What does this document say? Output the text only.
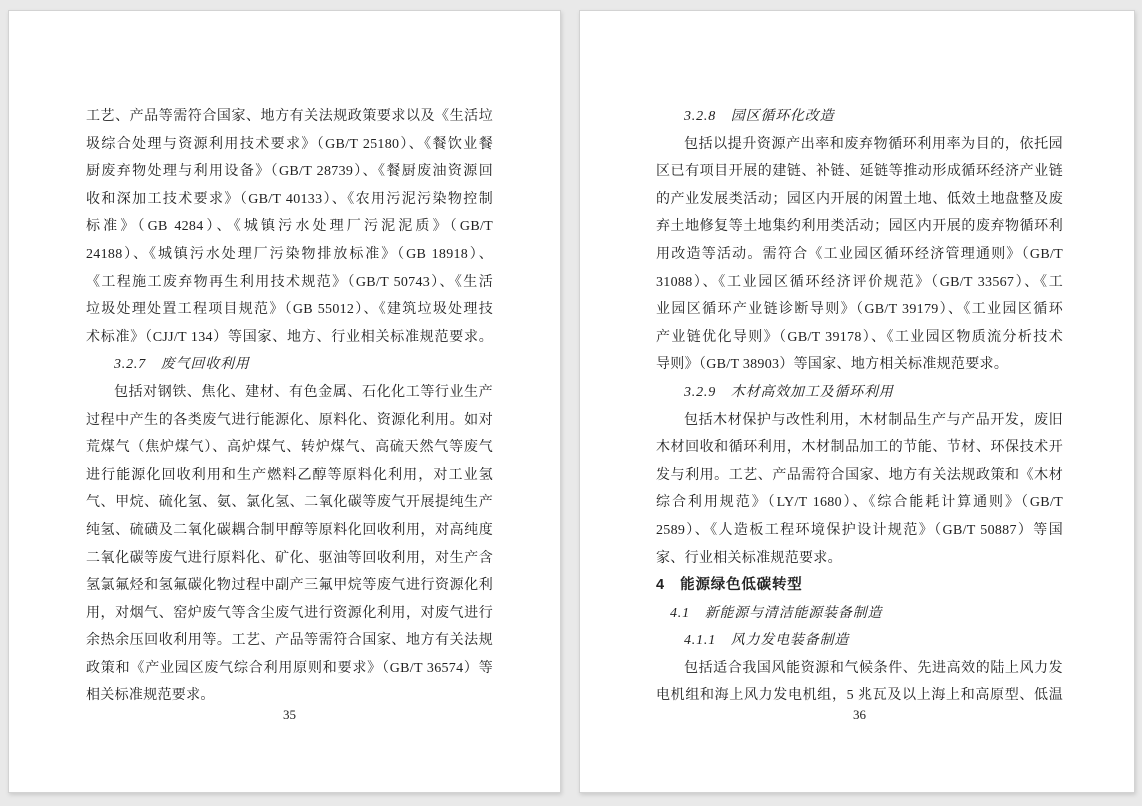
工艺、产品等需符合国家、地方有关法规政策要求以及《生活垃
圾综合处理与资源利用技术要求》（GB/T 25180）、《餐饮业餐
厨废弃物处理与利用设备》（GB/T 28739）、《餐厨废油资源回
收和深加工技术要求》（GB/T 40133）、《农用污泥污染物控制
标准》（GB 4284）、《城镇污水处理厂污泥泥质》（GB/T
24188）、《城镇污水处理厂污染物排放标准》（GB 18918）、
《工程施工废弃物再生利用技术规范》（GB/T 50743）、《生活
垃圾处理处置工程项目规范》（GB 55012）、《建筑垃圾处理技
术标准》（CJJ/T 134）等国家、地方、行业相关标准规范要求。
3.2.7　废气回收利用
包括对钢铁、焦化、建材、有色金属、石化化工等行业生产
过程中产生的各类废气进行能源化、原料化、资源化利用。如对
荒煤气（焦炉煤气）、高炉煤气、转炉煤气、高硫天然气等废气
进行能源化回收利用和生产燃料乙醇等原料化利用，对工业氢
气、甲烷、硫化氢、氨、氯化氢、二氧化碳等废气开展提纯生产
纯氢、硫磺及二氧化碳耦合制甲醇等原料化回收利用，对高纯度
二氧化碳等废气进行原料化、矿化、驱油等回收利用，对生产含
氢氯氟烃和氢氟碳化物过程中副产三氟甲烷等废气进行资源化利
用，对烟气、窑炉废气等含尘废气进行资源化利用，对废气进行
余热余压回收利用等。工艺、产品等需符合国家、地方有关法规
政策和《产业园区废气综合利用原则和要求》（GB/T 36574）等
相关标准规范要求。
35
3.2.8　园区循环化改造
包括以提升资源产出率和废弃物循环利用率为目的，依托园
区已有项目开展的建链、补链、延链等推动形成循环经济产业链
的产业发展类活动；园区内开展的闲置土地、低效土地盘整及废
弃土地修复等土地集约利用类活动；园区内开展的废弃物循环利
用改造等活动。需符合《工业园区循环经济管理通则》（GB/T
31088）、《工业园区循环经济评价规范》（GB/T 33567）、《工
业园区循环产业链诊断导则》（GB/T 39179）、《工业园区循环
产业链优化导则》（GB/T 39178）、《工业园区物质流分析技术
导则》（GB/T 38903）等国家、地方相关标准规范要求。
3.2.9　木材高效加工及循环利用
包括木材保护与改性利用，木材制品生产与产品开发，废旧
木材回收和循环利用，木材制品加工的节能、节材、环保技术开
发与利用。工艺、产品需符合国家、地方有关法规政策和《木材
综合利用规范》（LY/T 1680）、《综合能耗计算通则》（GB/T
2589）、《人造板工程环境保护设计规范》（GB/T 50887）等国
家、行业相关标准规范要求。
4　能源绿色低碳转型
4.1　新能源与清洁能源装备制造
4.1.1　风力发电装备制造
包括适合我国风能资源和气候条件、先进高效的陆上风力发
电机组和海上风力发电机组，5 兆瓦及以上海上和高原型、低温
36
